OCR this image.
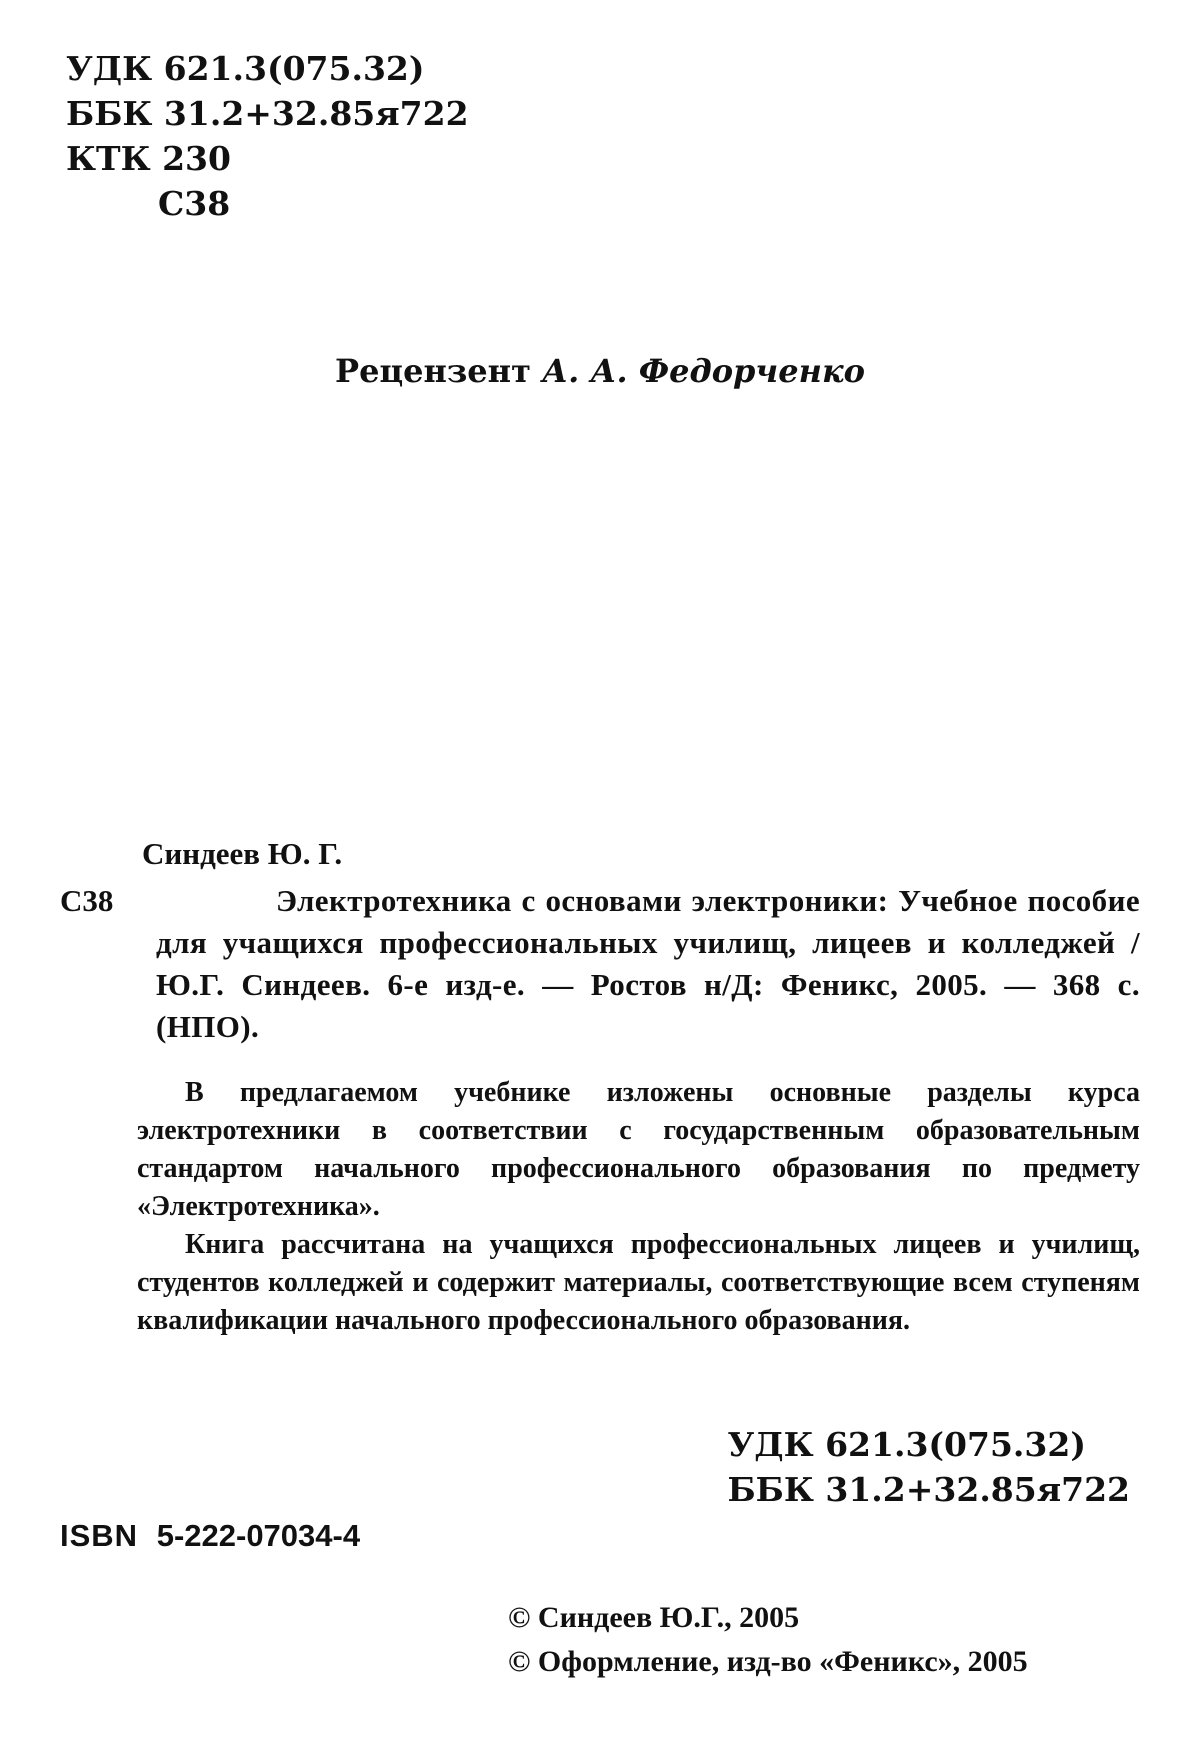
УДК 621.3(075.32)
ББК 31.2+32.85я722
КТК 230
С38
Рецензент А. А. Федорченко
Синдеев Ю. Г.
С38	Электротехника с основами электроники: Учебное пособие для учащихся профессиональных училищ, лицеев и колледжей / Ю.Г. Синдеев. 6-е изд-е. — Ростов н/Д: Феникс, 2005. — 368 с. (НПО).

В предлагаемом учебнике изложены основные разделы курса электротехники в соответствии с государственным образовательным стандартом начального профессионального образования по предмету «Электротехника».

Книга рассчитана на учащихся профессиональных лицеев и училищ, студентов колледжей и содержит материалы, соответствующие всем ступеням квалификации начального профессионального образования.

УДК 621.3(075.32)
ББК 31.2+32.85я722
ISBN 5-222-07034-4
© Синдеев Ю.Г., 2005
© Оформление, изд-во «Феникс», 2005
